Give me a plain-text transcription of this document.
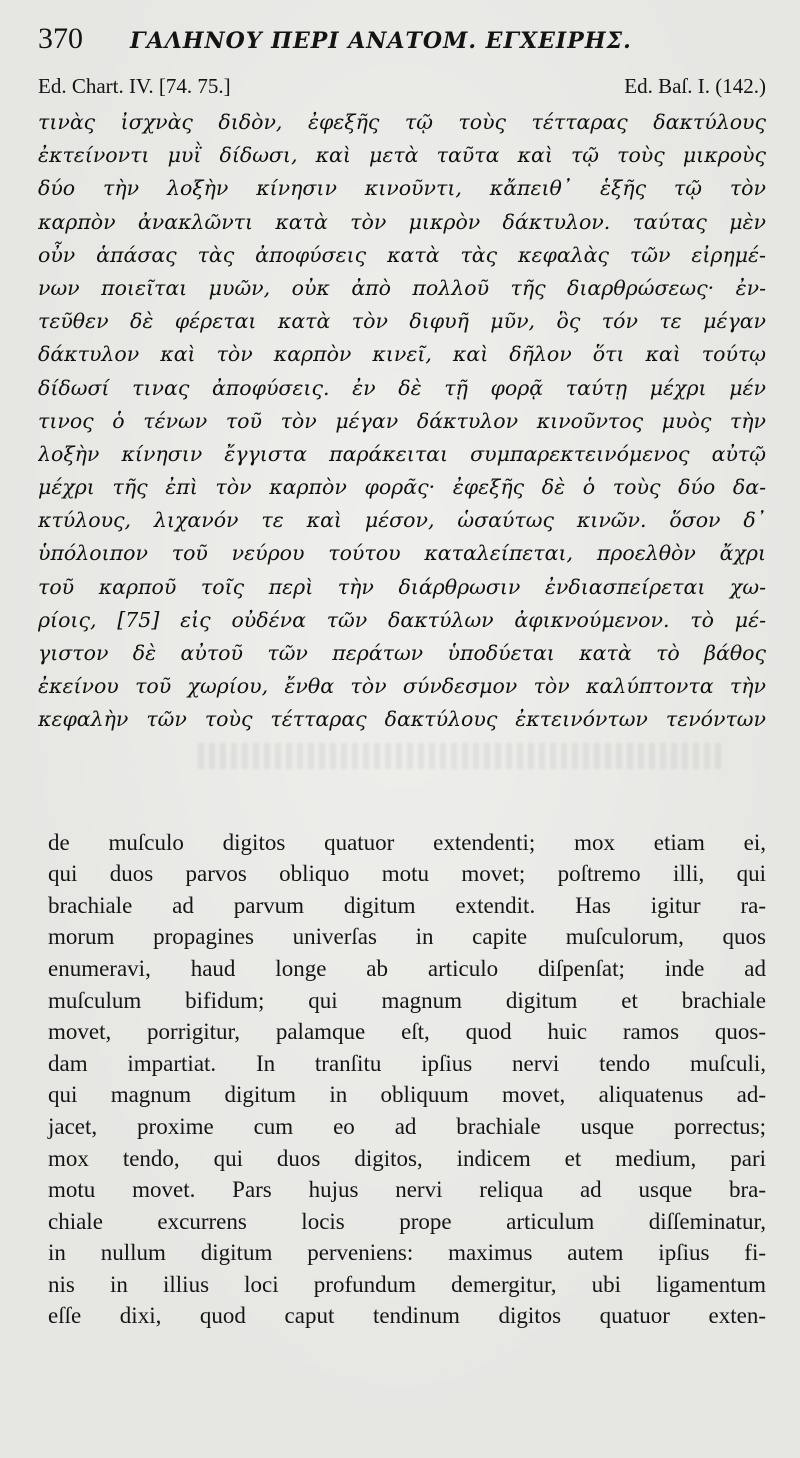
370	ΓΑΛΗΝΟΥ ΠΕΡΙ ΑΝΑΤΟΜ. ΕΓΧΕΙΡΗΣ.
Ed. Chart. IV. [74. 75.]	Ed. Baſ. I. (142.)
τινὰς ἰσχνὰς διδὸν, ἐφεξῆς τῷ τοὺς τέτταρας δακτύλους
ἐκτείνοντι μυῒ δίδωσι, καὶ μετὰ ταῦτα καὶ τῷ τοὺς μικροὺς
δύο τὴν λοξὴν κίνησιν κινοῦντι, κἄπειθ᾽ ἑξῆς τῷ τὸν
καρπὸν ἀνακλῶντι κατὰ τὸν μικρὸν δάκτυλον. ταύτας μὲν
οὖν ἁπάσας τὰς ἀποφύσεις κατὰ τὰς κεφαλὰς τῶν εἰρημέ-
νων ποιεῖται μυῶν, οὐκ ἀπὸ πολλοῦ τῆς διαρθρώσεως· ἐν-
τεῦθεν δὲ φέρεται κατὰ τὸν διφυῆ μῦν, ὃς τόν τε μέγαν
δάκτυλον καὶ τὸν καρπὸν κινεῖ, καὶ δῆλον ὅτι καὶ τούτῳ
δίδωσί τινας ἀποφύσεις. ἐν δὲ τῇ φορᾷ ταύτῃ μέχρι μέν
τινος ὁ τένων τοῦ τὸν μέγαν δάκτυλον κινοῦντος μυὸς τὴν
λοξὴν κίνησιν ἔγγιστα παράκειται συμπαρεκτεινόμενος αὐτῷ
μέχρι τῆς ἐπὶ τὸν καρπὸν φορᾶς· ἐφεξῆς δὲ ὁ τοὺς δύο δα-
κτύλους, λιχανόν τε καὶ μέσον, ὡσαύτως κινῶν. ὅσον δ᾽
ὑπόλοιπον τοῦ νεύρου τούτου καταλείπεται, προελθὸν ἄχρι
τοῦ καρποῦ τοῖς περὶ τὴν διάρθρωσιν ἐνδιασπείρεται χω-
ρίοις, [75] εἰς οὐδένα τῶν δακτύλων ἀφικνούμενον. τὸ μέ-
γιστον δὲ αὐτοῦ τῶν περάτων ὑποδύεται κατὰ τὸ βάθος
ἐκείνου τοῦ χωρίου, ἔνθα τὸν σύνδεσμον τὸν καλύπτοντα τὴν
κεφαλὴν τῶν τοὺς τέτταρας δακτύλους ἐκτεινόντων τενόντων
de muſculo digitos quatuor extendenti; mox etiam ei,
qui duos parvos obliquo motu movet; poſtremo illi, qui
brachiale ad parvum digitum extendit. Has igitur ra-
morum propagines univerſas in capite muſculorum, quos
enumeravi, haud longe ab articulo diſpenſat; inde ad
muſculum bifidum; qui magnum digitum et brachiale
movet, porrigitur, palamque eſt, quod huic ramos quos-
dam impartiat. In tranſitu ipſius nervi tendo muſculi,
qui magnum digitum in obliquum movet, aliquatenus ad-
jacet, proxime cum eo ad brachiale usque porrectus;
mox tendo, qui duos digitos, indicem et medium, pari
motu movet. Pars hujus nervi reliqua ad usque bra-
chiale excurrens locis prope articulum diſſeminatur,
in nullum digitum perveniens: maximus autem ipſius fi-
nis in illius loci profundum demergitur, ubi ligamentum
eſſe dixi, quod caput tendinum digitos quatuor exten-
